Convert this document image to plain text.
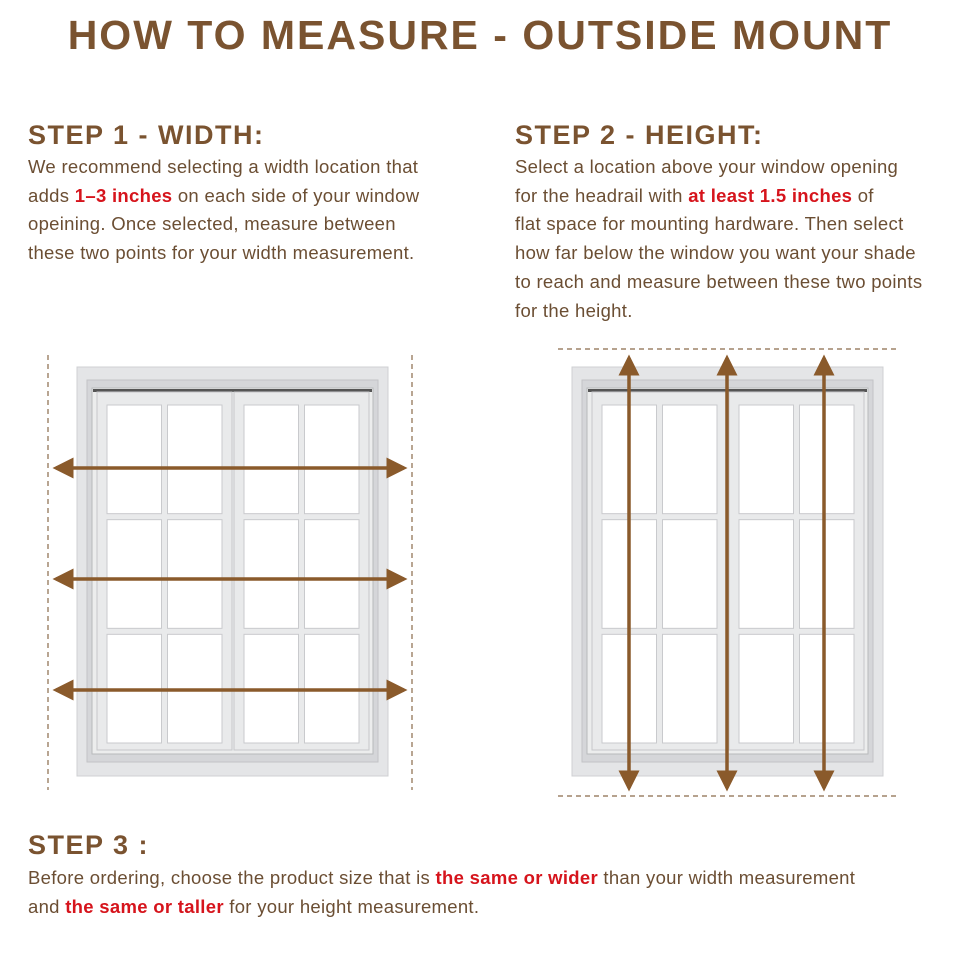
HOW TO MEASURE - OUTSIDE MOUNT
STEP 1 - WIDTH:
We recommend selecting a width location that
adds 1–3 inches on each side of your window
opeining. Once selected, measure between
these two points for your width measurement.
STEP 2 - HEIGHT:
Select a location above your window opening
for the headrail with at least 1.5 inches of
flat space for mounting hardware. Then select
how far below the window you want your shade
to reach and measure between these two points
for the height.
STEP 3 :
Before ordering, choose the product size that is the same or wider than your width measurement
and the same or taller for your height measurement.
